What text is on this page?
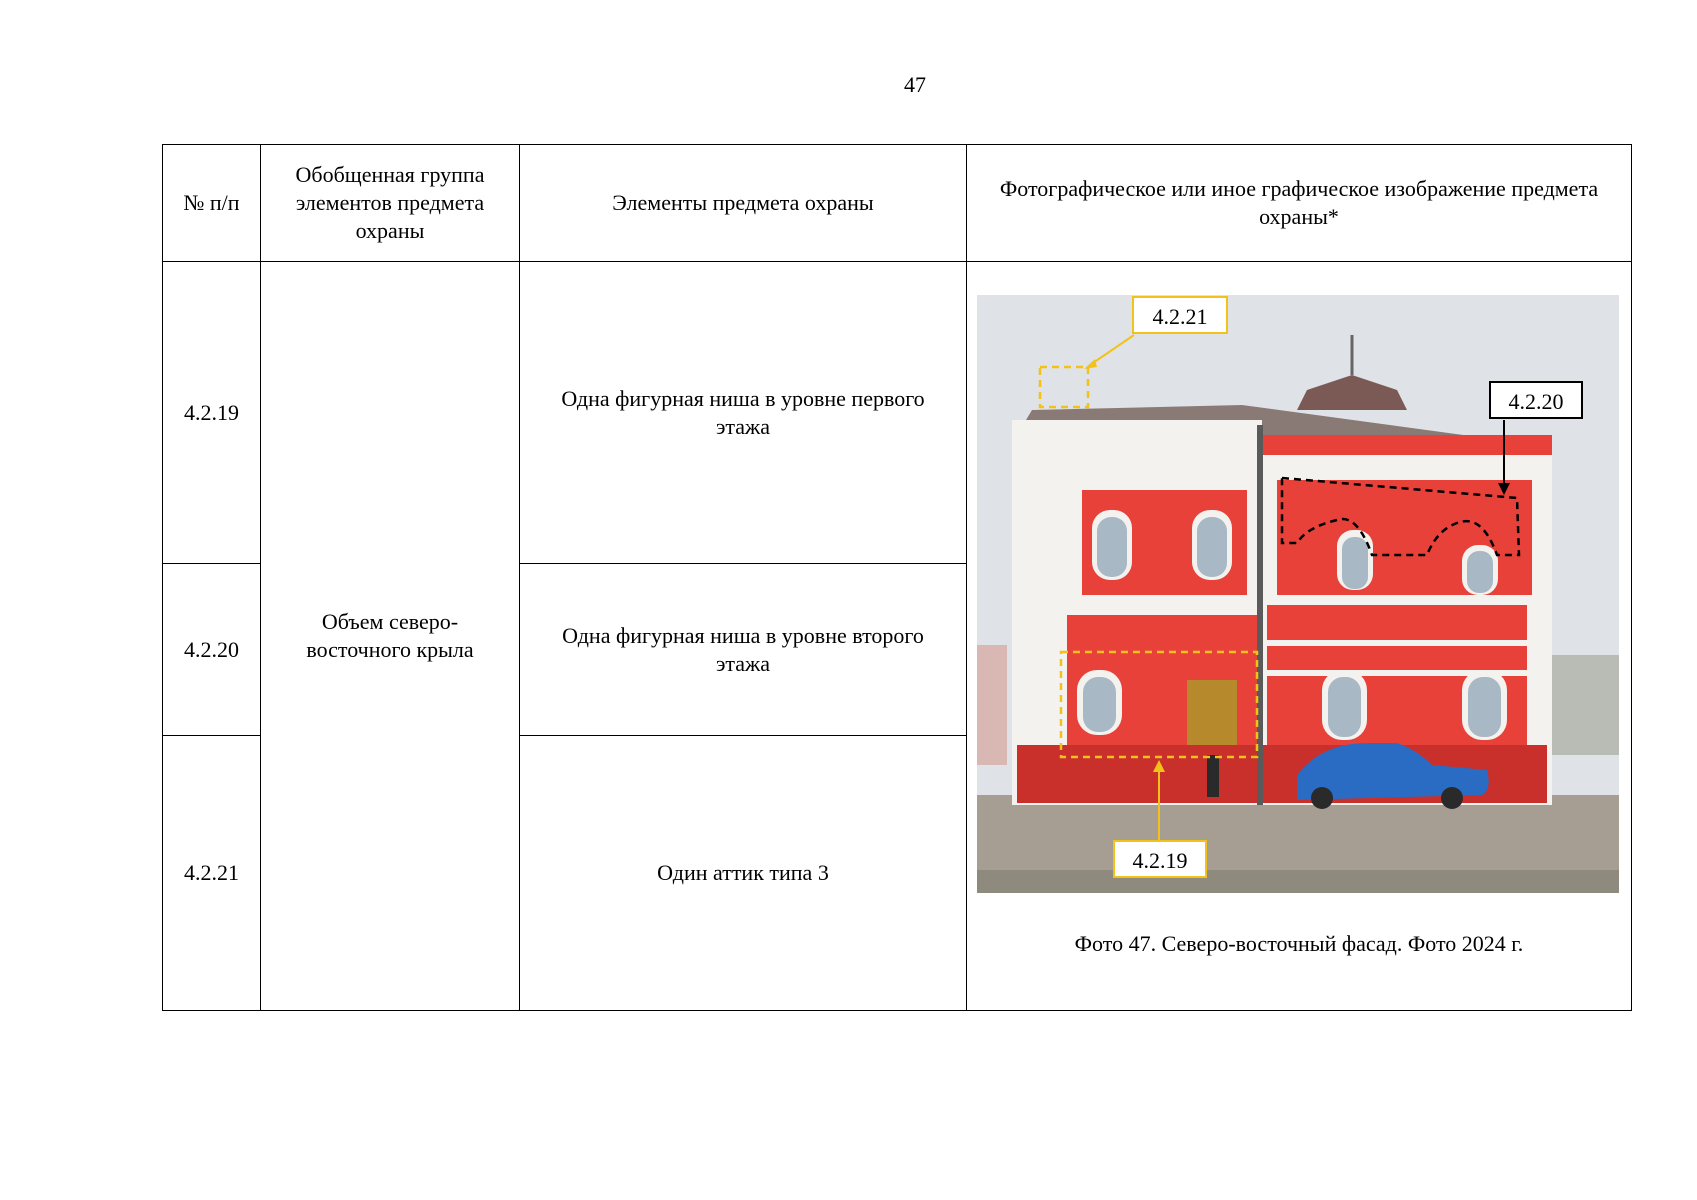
47
№ п/п	Обобщенная группа элементов предмета охраны	Элементы предмета охраны	Фотографическое или иное графическое изображение предмета охраны*
4.2.19	Объем северо-восточного крыла	Одна фигурная ниша в уровне первого этажа	4.2.21
4.2.20
4.2.19
Фото 47. Северо-восточный фасад. Фото 2024 г.

4.2.20		Одна фигурная ниша в уровне второго этажа	
4.2.21		Один аттик типа 3	
